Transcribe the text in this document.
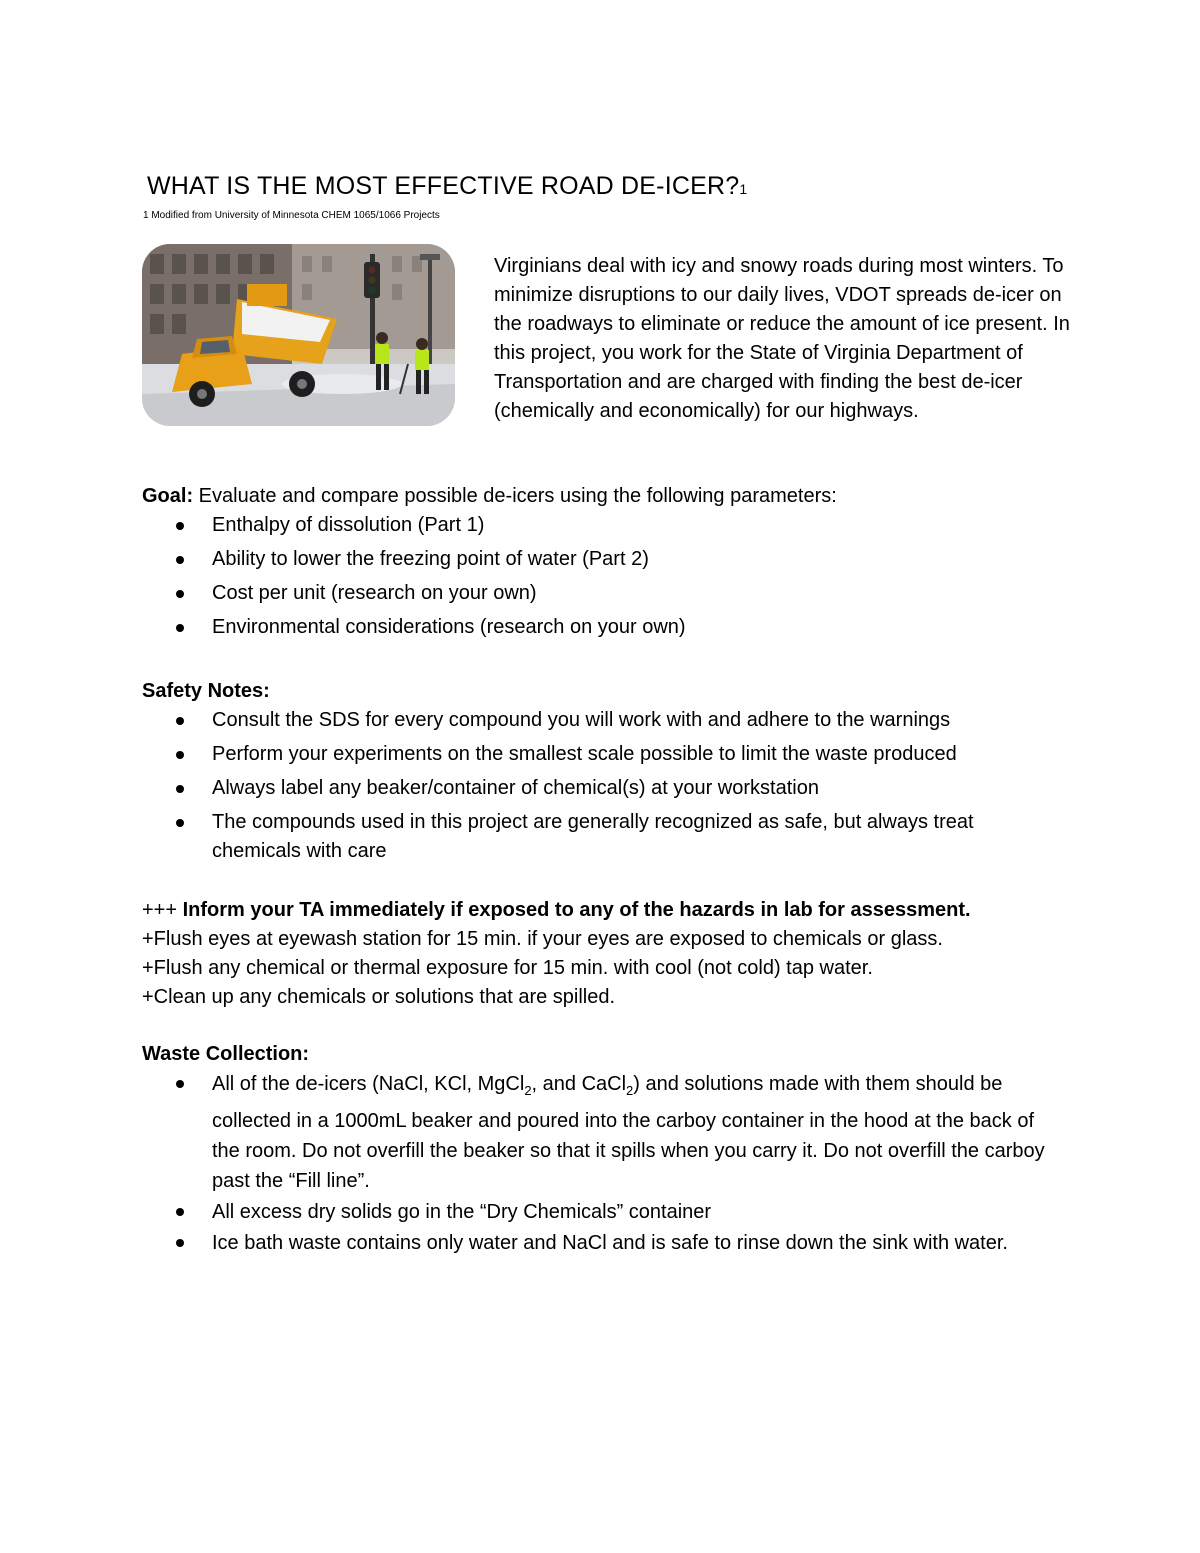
WHAT IS THE MOST EFFECTIVE ROAD DE-ICER?1
1 Modified from University of Minnesota CHEM 1065/1066 Projects

Virginians deal with icy and snowy roads during most winters. To minimize disruptions to our daily lives, VDOT spreads de-icer on the roadways to eliminate or reduce the amount of ice present. In this project, you work for the State of Virginia Department of Transportation and are charged with finding the best de-icer (chemically and economically) for our highways.

Goal: Evaluate and compare possible de-icers using the following parameters:

Enthalpy of dissolution (Part 1)
Ability to lower the freezing point of water (Part 2)
Cost per unit (research on your own)
Environmental considerations (research on your own)

Safety Notes:

Consult the SDS for every compound you will work with and adhere to the warnings
Perform your experiments on the smallest scale possible to limit the waste produced
Always label any beaker/container of chemical(s) at your workstation
The compounds used in this project are generally recognized as safe, but always treat chemicals with care

+++ Inform your TA immediately if exposed to any of the hazards in lab for assessment.

+Flush eyes at eyewash station for 15 min. if your eyes are exposed to chemicals or glass.

+Flush any chemical or thermal exposure for 15 min. with cool (not cold) tap water.

+Clean up any chemicals or solutions that are spilled.

Waste Collection:

All of the de-icers (NaCl, KCl, MgCl$_2$, and CaCl$_2$) and solutions made with them should be collected in a 1000mL beaker and poured into the carboy container in the hood at the back of the room. Do not overfill the beaker so that it spills when you carry it. Do not overfill the carboy past the “Fill line”.
All excess dry solids go in the “Dry Chemicals” container
Ice bath waste contains only water and NaCl and is safe to rinse down the sink with water.
